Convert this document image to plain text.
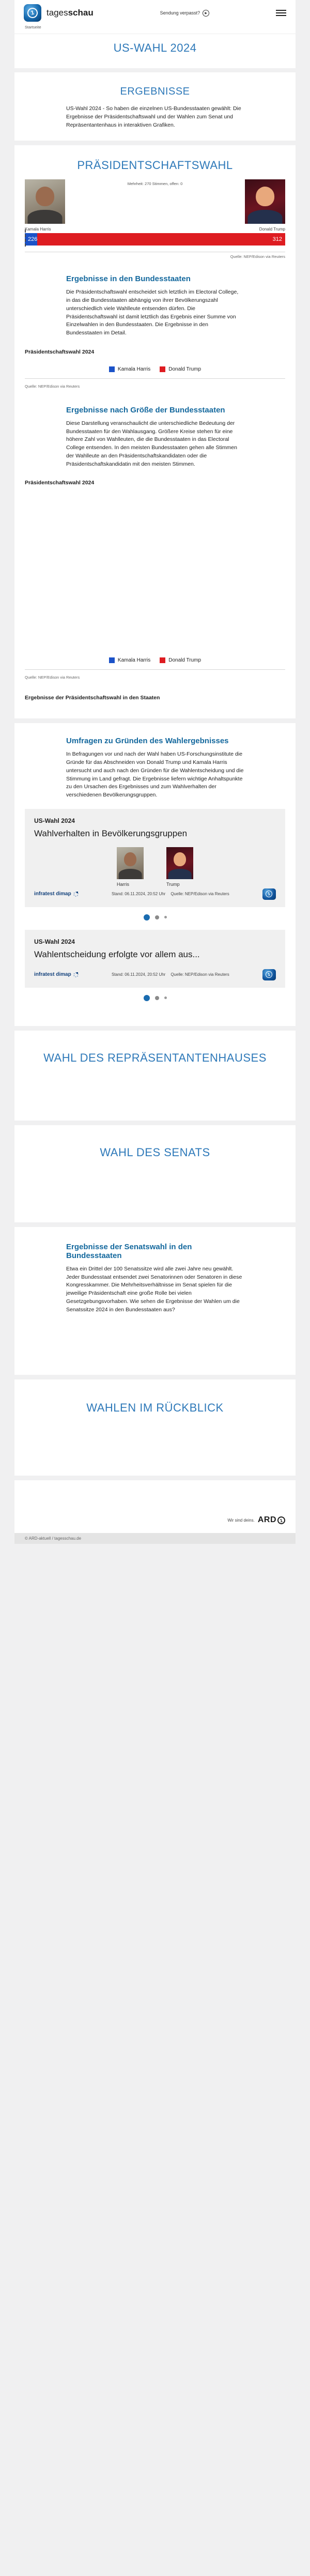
1	tagesschau	Sendung verpasst?	▶
Startseite
US-WAHL 2024
ERGEBNISSE

US-Wahl 2024 - So haben die einzelnen US-Bundesstaaten gewählt: Die Ergebnisse der Präsidentschaftswahl und der Wahlen zum Senat und Repräsentantenhaus in interaktiven Grafiken.

PRÄSIDENTSCHAFTSWAHL
Mehrheit: 270 Stimmen, offen: 0
Kamala Harris	Donald Trump
226	312
Quelle: NEP/Edison via Reuters
Ergebnisse in den Bundesstaaten

Die Präsidentschaftswahl entscheidet sich letztlich im Electoral College, in das die Bundesstaaten abhängig von ihrer Bevölkerungszahl unterschiedlich viele Wahlleute entsenden dürfen. Die Präsidentschaftswahl ist damit letztlich das Ergebnis einer Summe von Einzelwahlen in den Bundesstaaten. Die Ergebnisse in den Bundesstaaten im Detail.

Präsidentschaftswahl 2024
Kamala Harris	Donald Trump
Quelle: NEP/Edison via Reuters
Ergebnisse nach Größe der Bundesstaaten

Diese Darstellung veranschaulicht die unterschiedliche Bedeutung der Bundesstaaten für den Wahlausgang. Größere Kreise stehen für eine höhere Zahl von Wahlleuten, die die Bundesstaaten in das Electoral College entsenden. In den meisten Bundesstaaten gehen alle Stimmen der Wahlleute an den Präsidentschaftskandidaten oder die Präsidentschaftskandidatin mit den meisten Stimmen.

Präsidentschaftswahl 2024
Kamala Harris	Donald Trump
Quelle: NEP/Edison via Reuters
Ergebnisse der Präsidentschaftswahl in den Staaten
Umfragen zu Gründen des Wahlergebnisses

In Befragungen vor und nach der Wahl haben US-Forschungsinstitute die Gründe für das Abschneiden von Donald Trump und Kamala Harris untersucht und auch nach den Gründen für die Wahlentscheidung und die Stimmung im Land gefragt. Die Ergebnisse liefern wichtige Anhaltspunkte zu den Ursachen des Ergebnisses und zum Wahlverhalten der verschiedenen Bevölkerungsgruppen.

US-Wahl 2024
Wahlverhalten in Bevölkerungsgruppen
Harris	Trump
infratest dimap	Stand: 06.11.2024, 20:52 Uhr Quelle: NEP/Edison via Reuters	1
US-Wahl 2024
Wahlentscheidung erfolgte vor allem aus...
infratest dimap	Stand: 06.11.2024, 20:52 Uhr Quelle: NEP/Edison via Reuters	1
WAHL DES REPRÄSENTANTENHAUSES
WAHL DES SENATS
Ergebnisse der Senatswahl in den Bundesstaaten

Etwa ein Drittel der 100 Senatssitze wird alle zwei Jahre neu gewählt. Jeder Bundesstaat entsendet zwei Senatorinnen oder Senatoren in diese Kongresskammer. Die Mehrheitsverhältnisse im Senat spielen für die jeweilige Präsidentschaft eine große Rolle bei vielen Gesetzgebungsvorhaben. Wie sehen die Ergebnisse der Wahlen um die Senatssitze 2024 in den Bundesstaaten aus?

WAHLEN IM RÜCKBLICK
Wir sind deins. ARD 1
© ARD-aktuell / tagesschau.de
